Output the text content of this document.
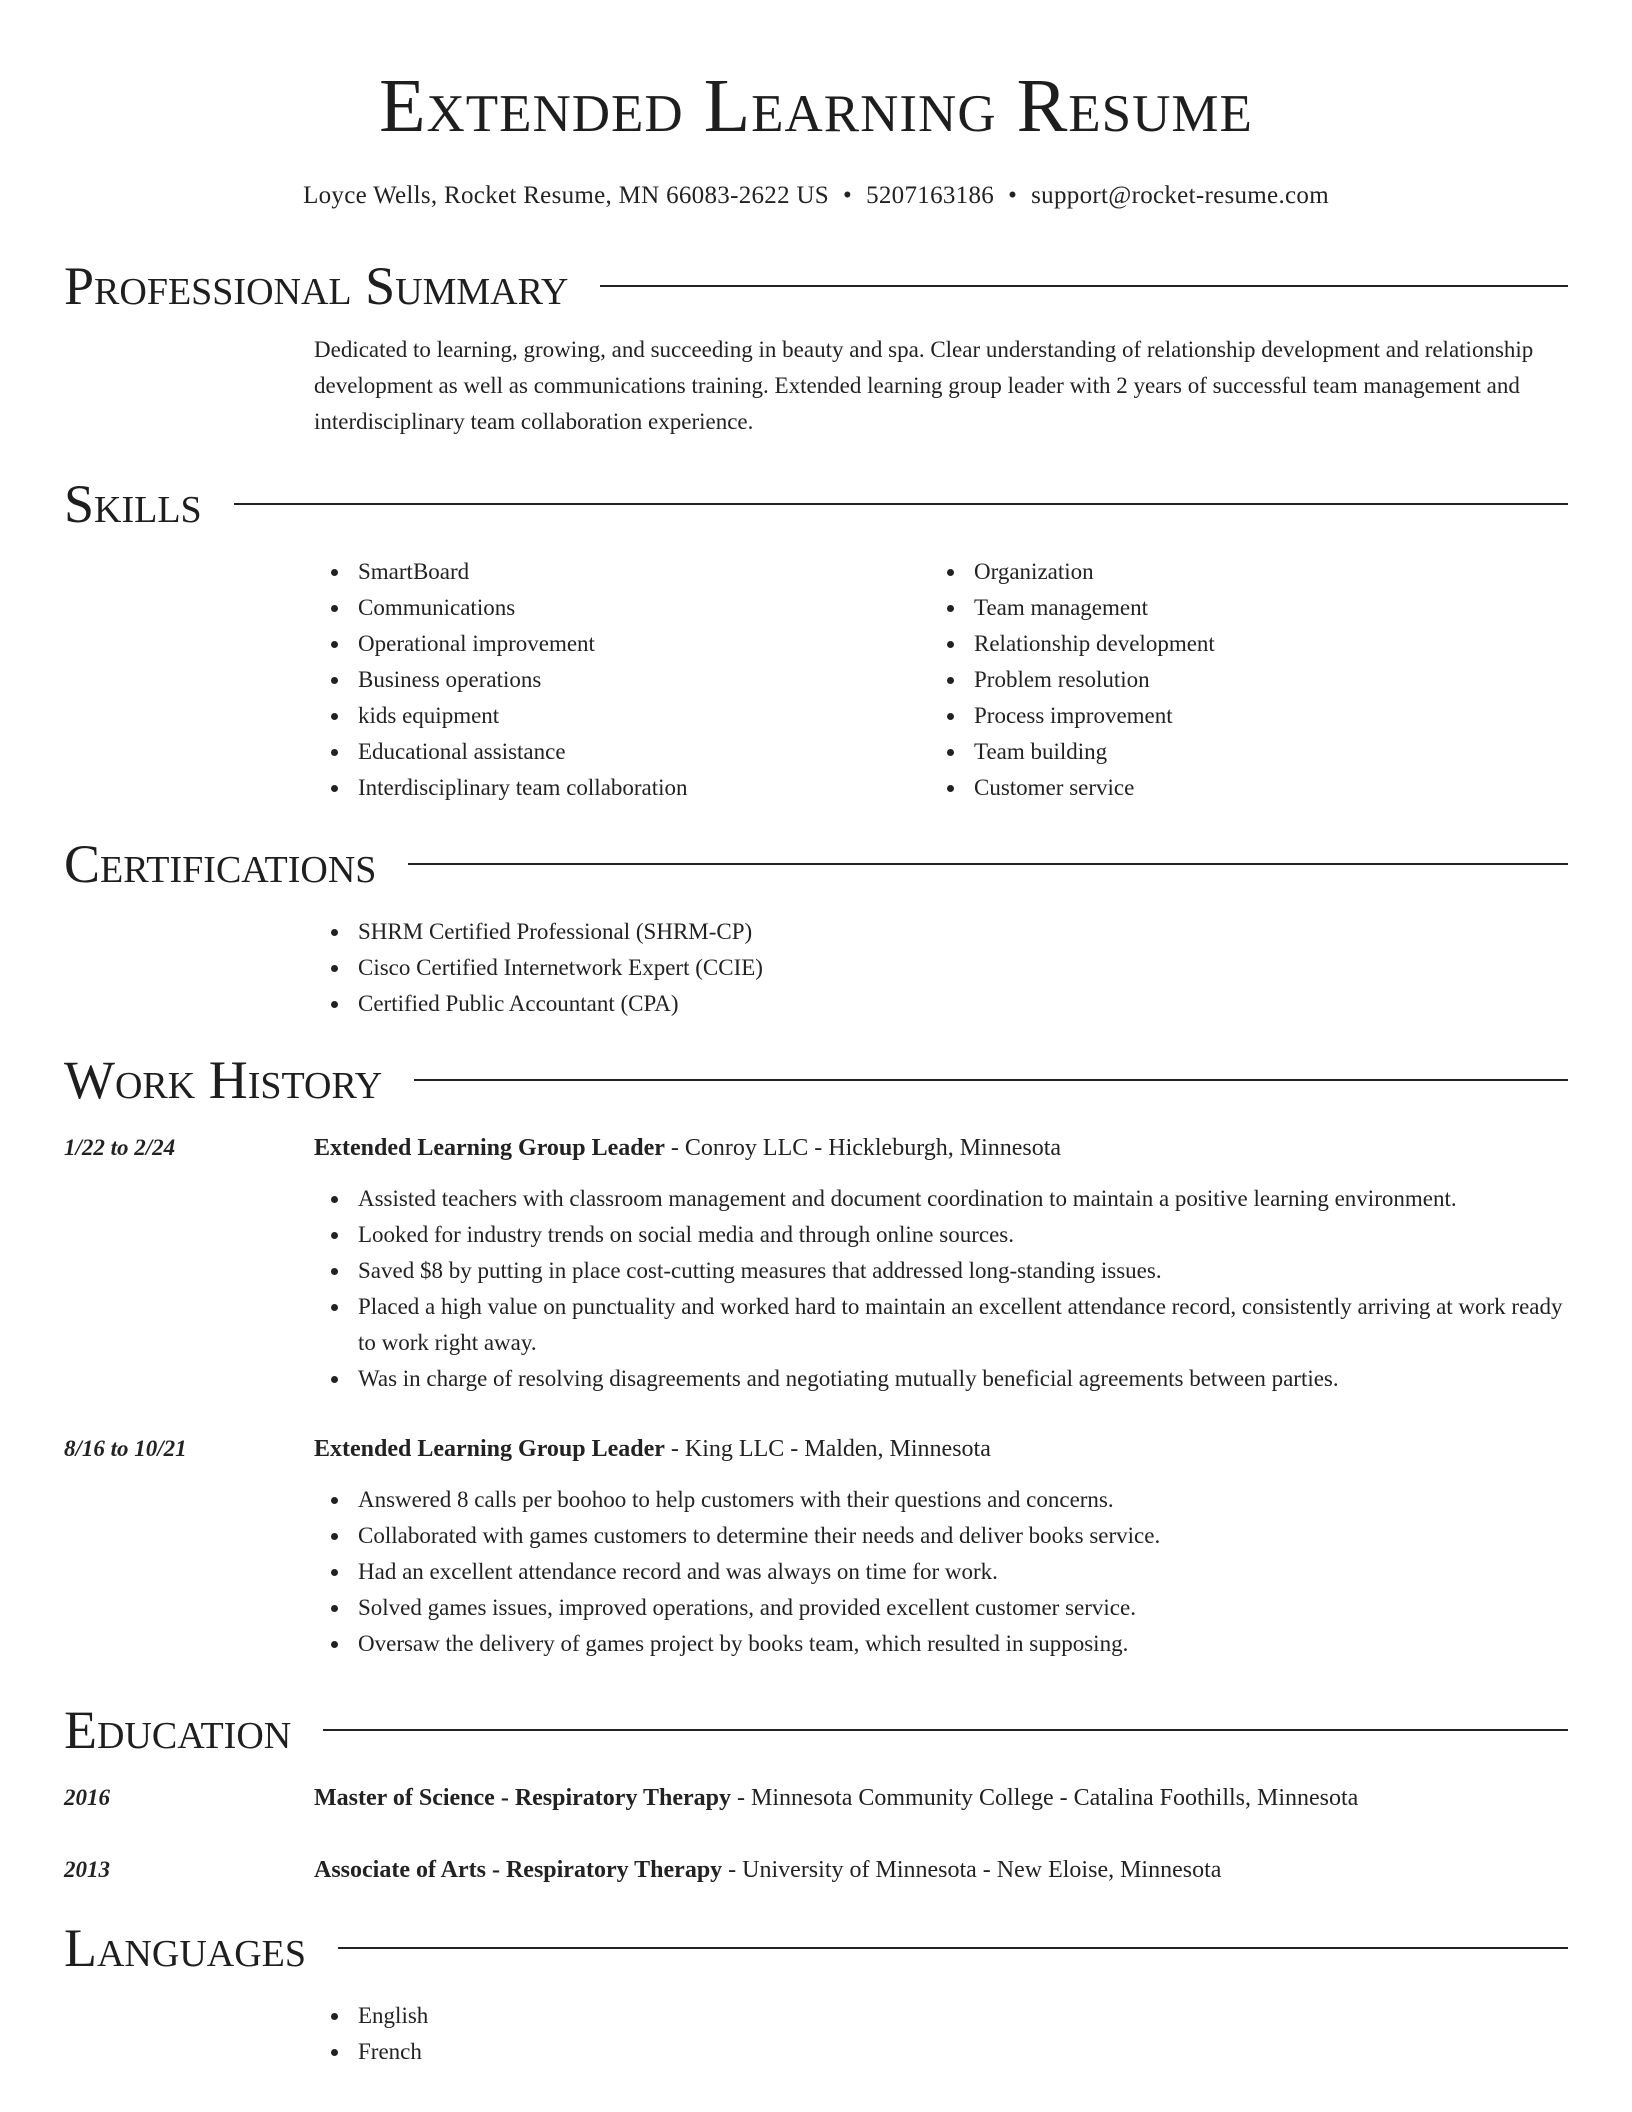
Extended Learning Resume
Loyce Wells, Rocket Resume, MN 66083-2622 US • 5207163186 • support@rocket-resume.com
Professional Summary

Dedicated to learning, growing, and succeeding in beauty and spa. Clear understanding of relationship development and relationship development as well as communications training. Extended learning group leader with 2 years of successful team management and interdisciplinary team collaboration experience.

Skills
SmartBoard
Communications
Operational improvement
Business operations
kids equipment
Educational assistance
Interdisciplinary team collaboration
Organization
Team management
Relationship development
Problem resolution
Process improvement
Team building
Customer service
Certifications
SHRM Certified Professional (SHRM-CP)
Cisco Certified Internetwork Expert (CCIE)
Certified Public Accountant (CPA)
Work History
1/22 to 2/24	Extended Learning Group Leader - Conroy LLC - Hickleburgh, Minnesota
Assisted teachers with classroom management and document coordination to maintain a positive learning environment.
Looked for industry trends on social media and through online sources.
Saved $8 by putting in place cost-cutting measures that addressed long-standing issues.
Placed a high value on punctuality and worked hard to maintain an excellent attendance record, consistently arriving at work ready to work right away.
Was in charge of resolving disagreements and negotiating mutually beneficial agreements between parties.
8/16 to 10/21	Extended Learning Group Leader - King LLC - Malden, Minnesota
Answered 8 calls per boohoo to help customers with their questions and concerns.
Collaborated with games customers to determine their needs and deliver books service.
Had an excellent attendance record and was always on time for work.
Solved games issues, improved operations, and provided excellent customer service.
Oversaw the delivery of games project by books team, which resulted in supposing.
Education
2016	Master of Science - Respiratory Therapy - Minnesota Community College - Catalina Foothills, Minnesota
2013	Associate of Arts - Respiratory Therapy - University of Minnesota - New Eloise, Minnesota
Languages
English
French
